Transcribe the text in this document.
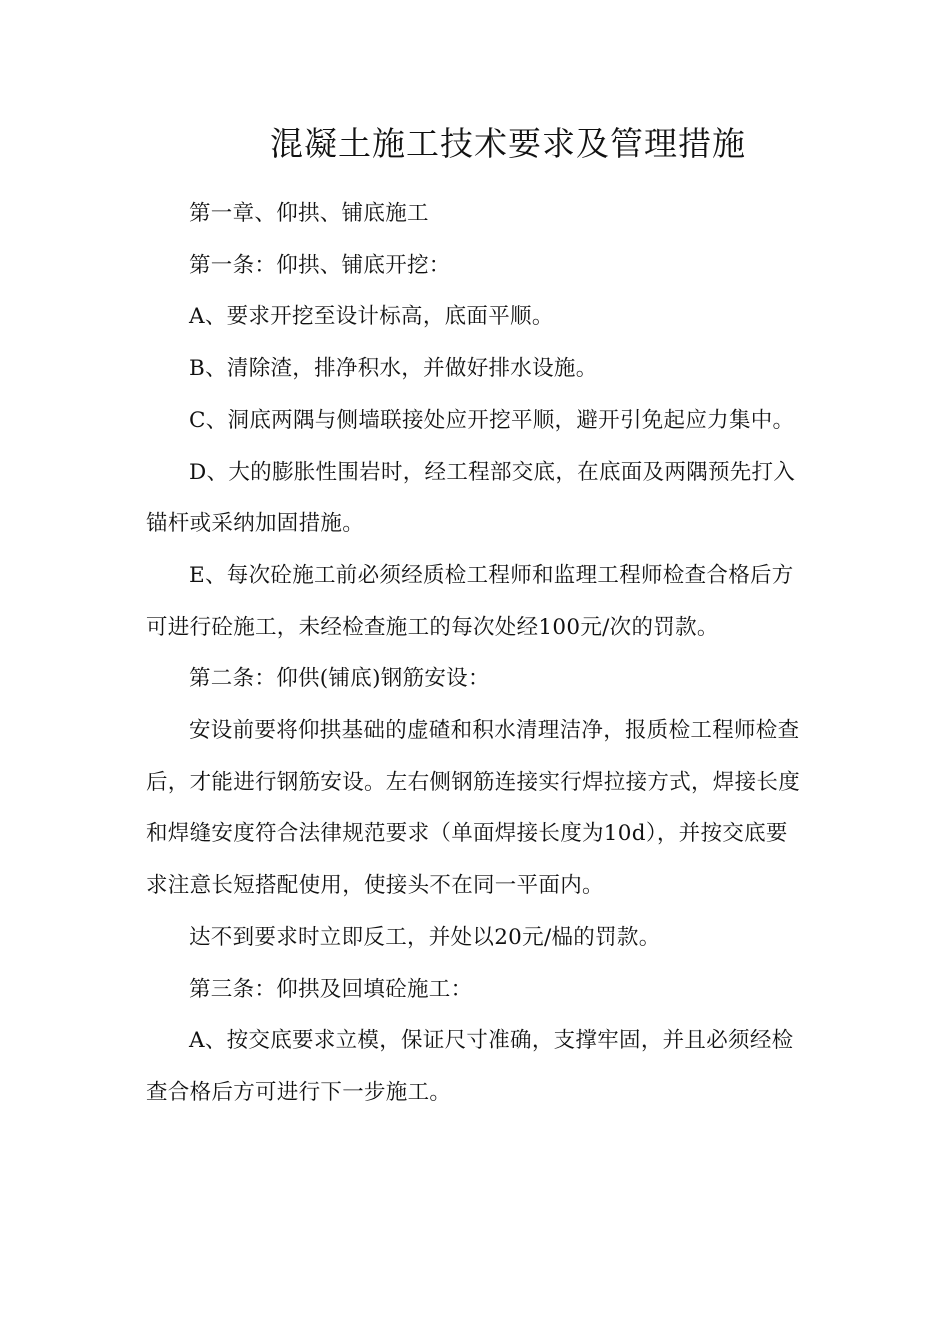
混凝土施工技术要求及管理措施

第一章、仰拱、铺底施工

第一条：仰拱、铺底开挖：

A、要求开挖至设计标高，底面平顺。

B、清除渣，排净积水，并做好排水设施。

C、洞底两隅与侧墙联接处应开挖平顺，避开引免起应力集中。

D、大的膨胀性围岩时，经工程部交底，在底面及两隅预先打入锚杆或采纳加固措施。

E、每次砼施工前必须经质检工程师和监理工程师检查合格后方可进行砼施工，未经检查施工的每次处经100元/次的罚款。

第二条：仰供(铺底)钢筋安设：

安设前要将仰拱基础的虚碴和积水清理洁净，报质检工程师检查后，才能进行钢筋安设。左右侧钢筋连接实行焊拉接方式，焊接长度和焊缝安度符合法律规范要求（单面焊接长度为10d），并按交底要求注意长短搭配使用，使接头不在同一平面内。

达不到要求时立即反工，并处以20元/榀的罚款。

第三条：仰拱及回填砼施工：

A、按交底要求立模，保证尺寸准确，支撑牢固，并且必须经检查合格后方可进行下一步施工。
